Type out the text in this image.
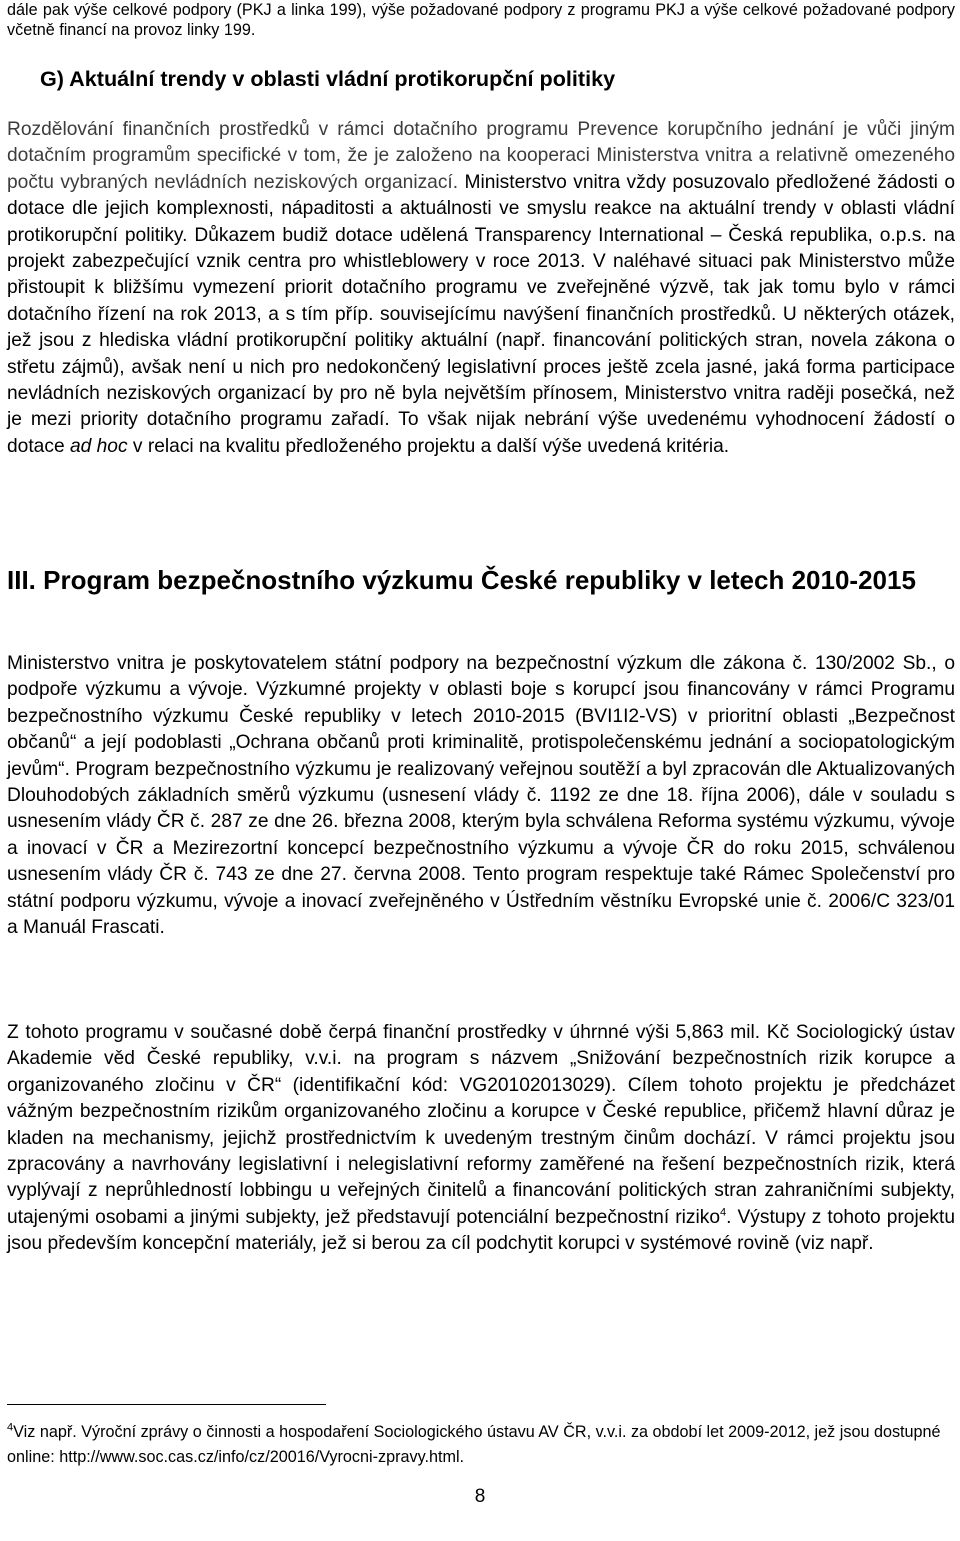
dále pak výše celkové podpory (PKJ a linka 199), výše požadované podpory z programu PKJ a výše celkové požadované podpory včetně financí na provoz linky 199.

G) Aktuální trendy v oblasti vládní protikorupční politiky

Rozdělování finančních prostředků v rámci dotačního programu Prevence korupčního jednání je vůči jiným dotačním programům specifické v tom, že je založeno na kooperaci Ministerstva vnitra a relativně omezeného počtu vybraných nevládních neziskových organizací. Ministerstvo vnitra vždy posuzovalo předložené žádosti o dotace dle jejich komplexnosti, nápaditosti a aktuálnosti ve smyslu reakce na aktuální trendy v oblasti vládní protikorupční politiky. Důkazem budiž dotace udělená Transparency International – Česká republika, o.p.s. na projekt zabezpečující vznik centra pro whistleblowery v roce 2013. V naléhavé situaci pak Ministerstvo může přistoupit k bližšímu vymezení priorit dotačního programu ve zveřejněné výzvě, tak jak tomu bylo v rámci dotačního řízení na rok 2013, a s tím příp. souvisejícímu navýšení finančních prostředků. U některých otázek, jež jsou z hlediska vládní protikorupční politiky aktuální (např. financování politických stran, novela zákona o střetu zájmů), avšak není u nich pro nedokončený legislativní proces ještě zcela jasné, jaká forma participace nevládních neziskových organizací by pro ně byla největším přínosem, Ministerstvo vnitra raději posečká, než je mezi priority dotačního programu zařadí. To však nijak nebrání výše uvedenému vyhodnocení žádostí o dotace ad hoc v relaci na kvalitu předloženého projektu a další výše uvedená kritéria.

III. Program bezpečnostního výzkumu České republiky v letech 2010-2015

Ministerstvo vnitra je poskytovatelem státní podpory na bezpečnostní výzkum dle zákona č. 130/2002 Sb., o podpoře výzkumu a vývoje. Výzkumné projekty v oblasti boje s korupcí jsou financovány v rámci Programu bezpečnostního výzkumu České republiky v letech 2010-2015 (BVI1I2-VS) v prioritní oblasti „Bezpečnost občanů“ a její podoblasti „Ochrana občanů proti kriminalitě, protispolečenskému jednání a sociopatologickým jevům“. Program bezpečnostního výzkumu je realizovaný veřejnou soutěží a byl zpracován dle Aktualizovaných Dlouhodobých základních směrů výzkumu (usnesení vlády č. 1192 ze dne 18. října 2006), dále v souladu s usnesením vlády ČR č. 287 ze dne 26. března 2008, kterým byla schválena Reforma systému výzkumu, vývoje a inovací v ČR a Mezirezortní koncepcí bezpečnostního výzkumu a vývoje ČR do roku 2015, schválenou usnesením vlády ČR č. 743 ze dne 27. června 2008. Tento program respektuje také Rámec Společenství pro státní podporu výzkumu, vývoje a inovací zveřejněného v Ústředním věstníku Evropské unie č. 2006/C 323/01 a Manuál Frascati.

Z tohoto programu v současné době čerpá finanční prostředky v úhrnné výši 5,863 mil. Kč Sociologický ústav Akademie věd České republiky, v.v.i. na program s názvem „Snižování bezpečnostních rizik korupce a organizovaného zločinu v ČR“ (identifikační kód: VG20102013029). Cílem tohoto projektu je předcházet vážným bezpečnostním rizikům organizovaného zločinu a korupce v České republice, přičemž hlavní důraz je kladen na mechanismy, jejichž prostřednictvím k uvedeným trestným činům dochází. V rámci projektu jsou zpracovány a navrhovány legislativní i nelegislativní reformy zaměřené na řešení bezpečnostních rizik, která vyplývají z neprůhledností lobbingu u veřejných činitelů a financování politických stran zahraničními subjekty, utajenými osobami a jinými subjekty, jež představují potenciální bezpečnostní riziko$^4$. Výstupy z tohoto projektu jsou především koncepční materiály, jež si berou za cíl podchytit korupci v systémové rovině (viz např.

$^4$Viz např. Výroční zprávy o činnosti a hospodaření Sociologického ústavu AV ČR, v.v.i. za období let 2009-2012, jež jsou dostupné online: http://www.soc.cas.cz/info/cz/20016/Vyrocni-zpravy.html.

8
